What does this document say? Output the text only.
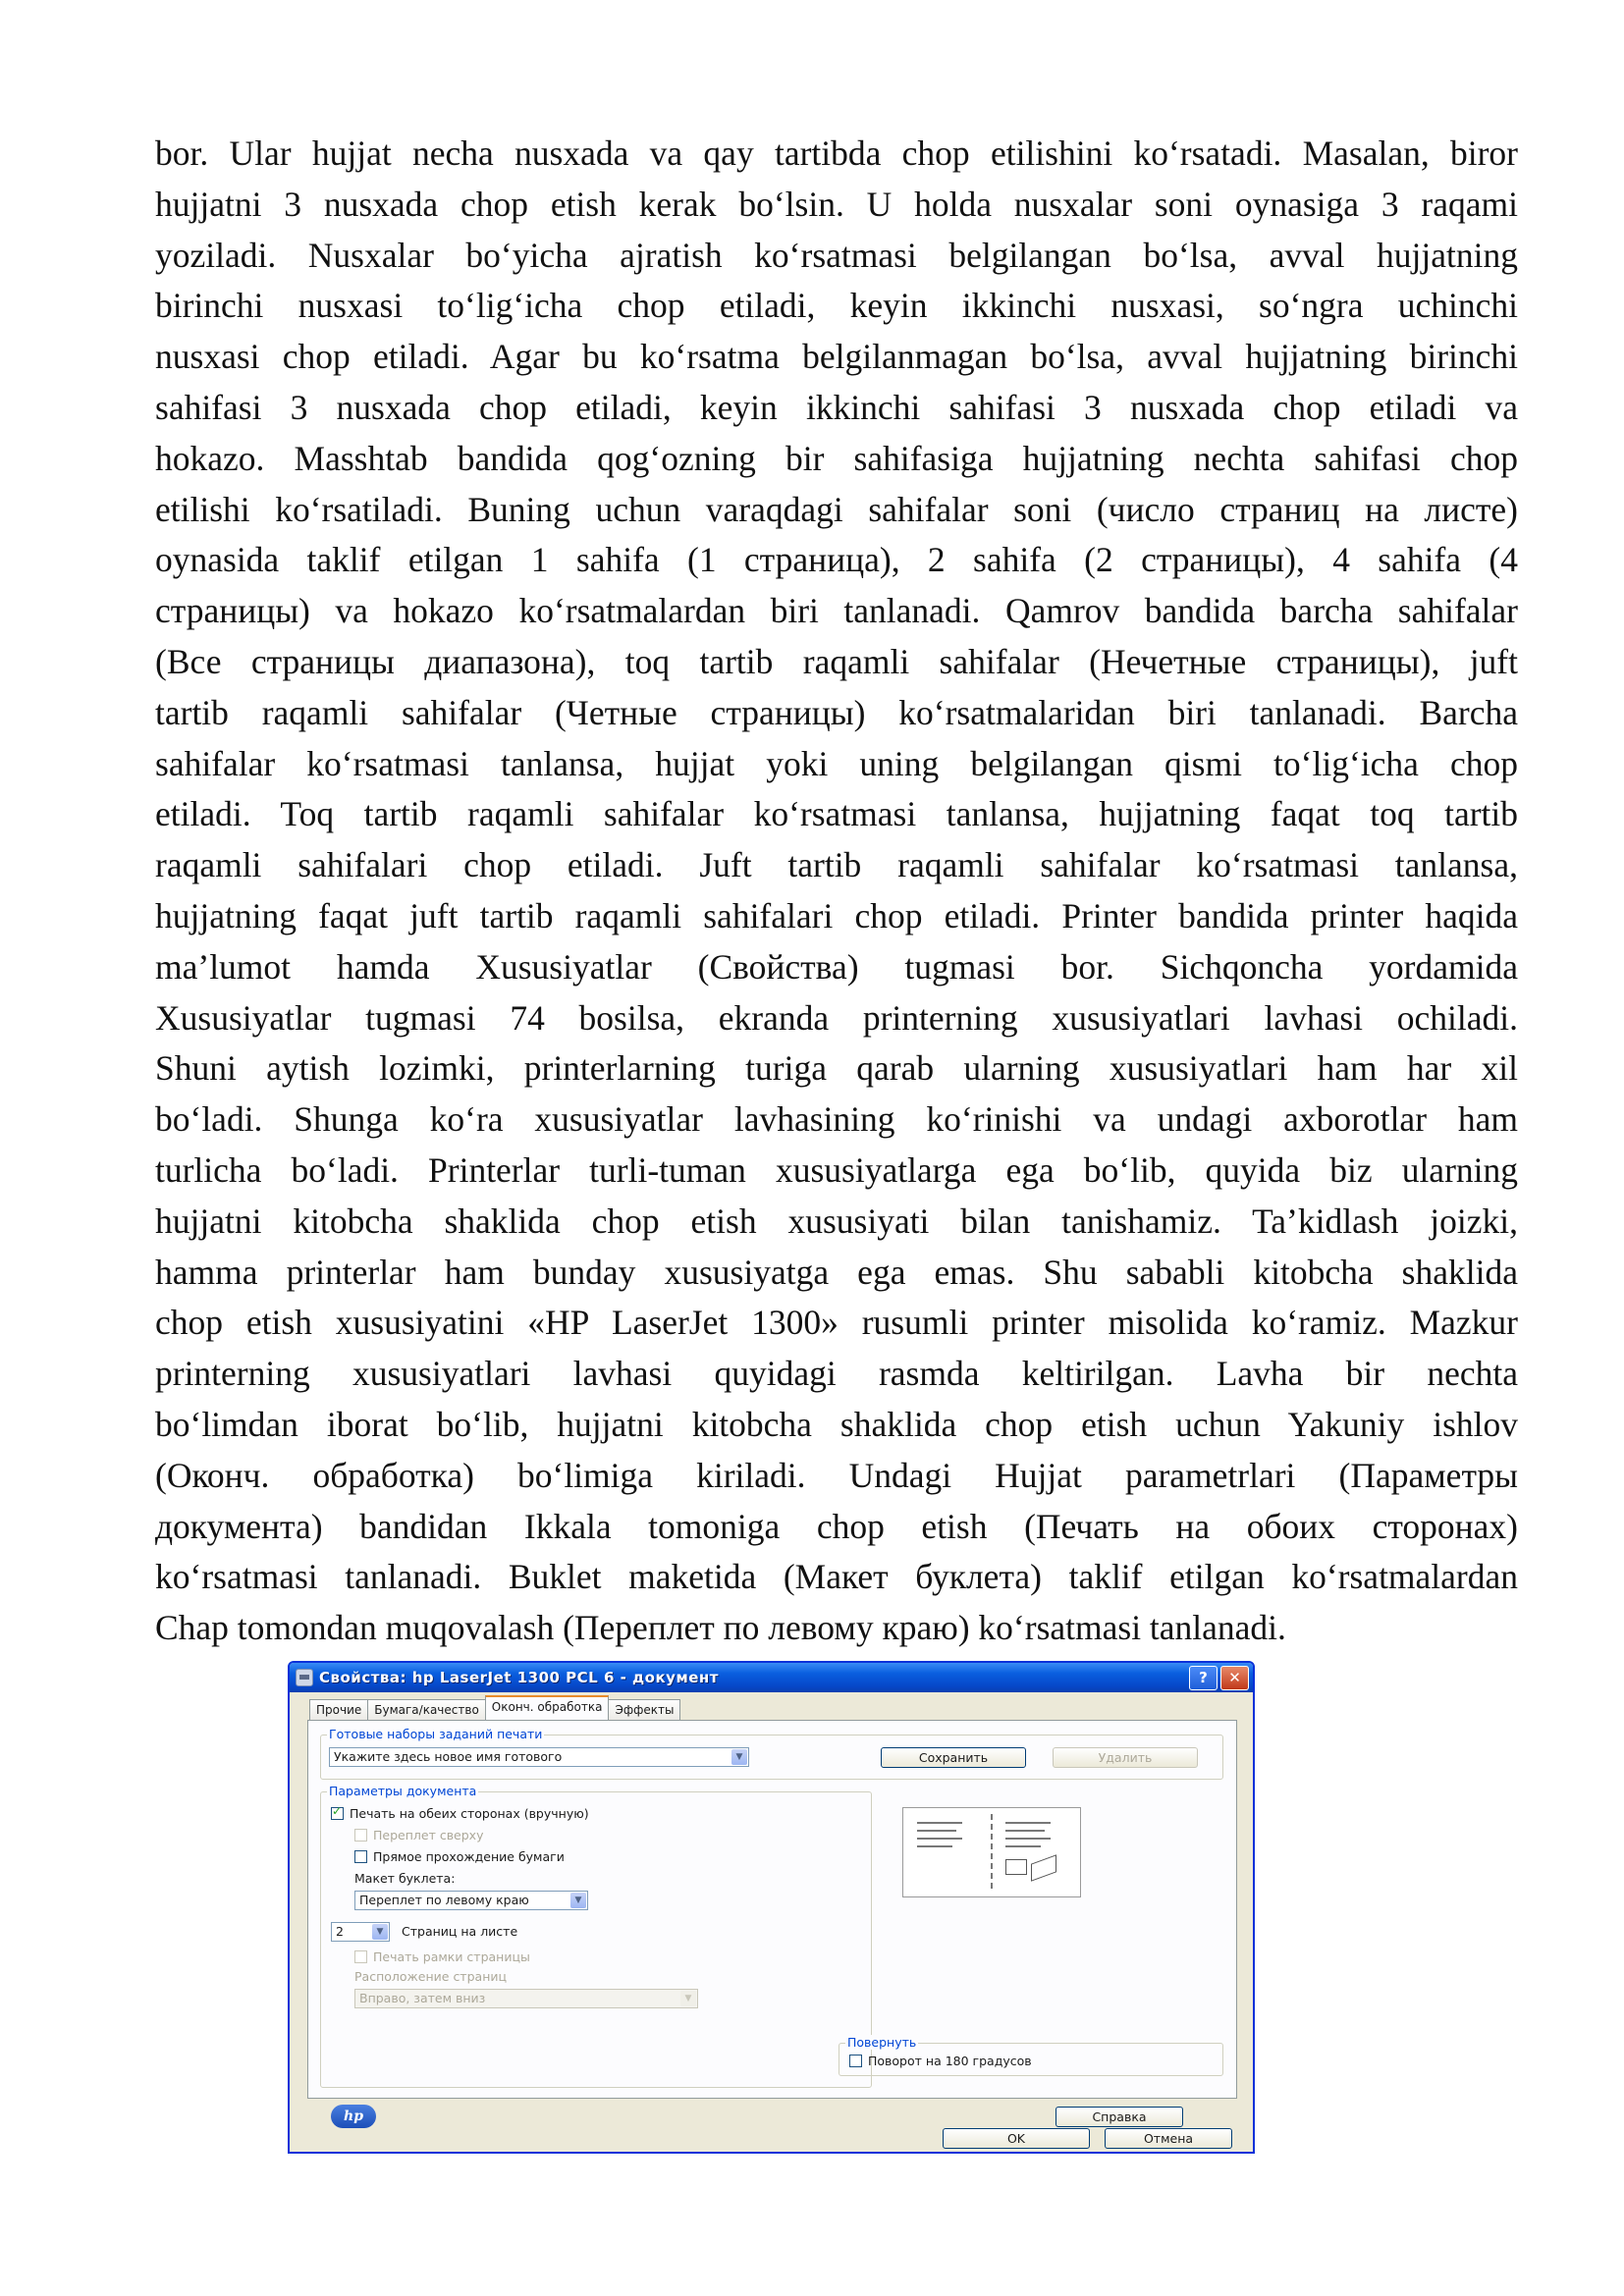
bor. Ular hujjat necha nusxada va qay tartibda chop etilishini ko‘rsatadi. Masalan, biror
hujjatni 3 nusxada chop etish kerak bo‘lsin. U holda nusxalar soni oynasiga 3 raqami
yoziladi. Nusxalar bo‘yicha ajratish ko‘rsatmasi belgilangan bo‘lsa, avval hujjatning
birinchi nusxasi to‘lig‘icha chop etiladi, keyin ikkinchi nusxasi, so‘ngra uchinchi
nusxasi chop etiladi. Agar bu ko‘rsatma belgilanmagan bo‘lsa, avval hujjatning birinchi
sahifasi 3 nusxada chop etiladi, keyin ikkinchi sahifasi 3 nusxada chop etiladi va
hokazo. Masshtab bandida qog‘ozning bir sahifasiga hujjatning nechta sahifasi chop
etilishi ko‘rsatiladi. Buning uchun varaqdagi sahifalar soni (число страниц на листе)
oynasida taklif etilgan 1 sahifa (1 страница), 2 sahifa (2 страницы), 4 sahifa (4
страницы) va hokazo ko‘rsatmalardan biri tanlanadi. Qamrov bandida barcha sahifalar
(Все страницы диапазона), toq tartib raqamli sahifalar (Нечетные страницы), juft
tartib raqamli sahifalar (Четные страницы) ko‘rsatmalaridan biri tanlanadi. Barcha
sahifalar ko‘rsatmasi tanlansa, hujjat yoki uning belgilangan qismi to‘lig‘icha chop
etiladi. Toq tartib raqamli sahifalar ko‘rsatmasi tanlansa, hujjatning faqat toq tartib
raqamli sahifalari chop etiladi. Juft tartib raqamli sahifalar ko‘rsatmasi tanlansa,
hujjatning faqat juft tartib raqamli sahifalari chop etiladi. Printer bandida printer haqida
ma’lumot hamda Xususiyatlar (Свойства) tugmasi bor. Sichqoncha yordamida
Xususiyatlar tugmasi 74 bosilsa, ekranda printerning xususiyatlari lavhasi ochiladi.
Shuni aytish lozimki, printerlarning turiga qarab ularning xususiyatlari ham har xil
bo‘ladi. Shunga ko‘ra xususiyatlar lavhasining ko‘rinishi va undagi axborotlar ham
turlicha bo‘ladi. Printerlar turli-tuman xususiyatlarga ega bo‘lib, quyida biz ularning
hujjatni kitobcha shaklida chop etish xususiyati bilan tanishamiz. Ta’kidlash joizki,
hamma printerlar ham bunday xususiyatga ega emas. Shu sababli kitobcha shaklida
chop etish xususiyatini «HP LaserJet 1300» rusumli printer misolida ko‘ramiz. Mazkur
printerning xususiyatlari lavhasi quyidagi rasmda keltirilgan. Lavha bir nechta
bo‘limdan iborat bo‘lib, hujjatni kitobcha shaklida chop etish uchun Yakuniy ishlov
(Оконч. обработка) bo‘limiga kiriladi. Undagi Hujjat parametrlari (Параметры
документа) bandidan Ikkala tomoniga chop etish (Печать на обоих сторонах)
ko‘rsatmasi tanlanadi. Buklet maketida (Макет буклета) taklif etilgan ko‘rsatmalardan
Chap tomondan muqovalash (Переплет по левому краю) ko‘rsatmasi tanlanadi.
Свойства: hp LaserJet 1300 PCL 6 - документ	?	✕
Прочие	Бумага/качество	Оконч. обработка	Эффекты
Готовые наборы заданий печати
Укажите здесь новое имя готового	▼	Сохранить	Удалить
Параметры документа
✓
Печать на обеих сторонах (вручную)
Переплет сверху
Прямое прохождение бумаги
Макет буклета:
Переплет по левому краю	▼
2	▼	Страниц на листе
Печать рамки страницы
Расположение страниц
Вправо, затем вниз	▼
Повернуть
Поворот на 180 градусов
hp	Справка
OK	Отмена
